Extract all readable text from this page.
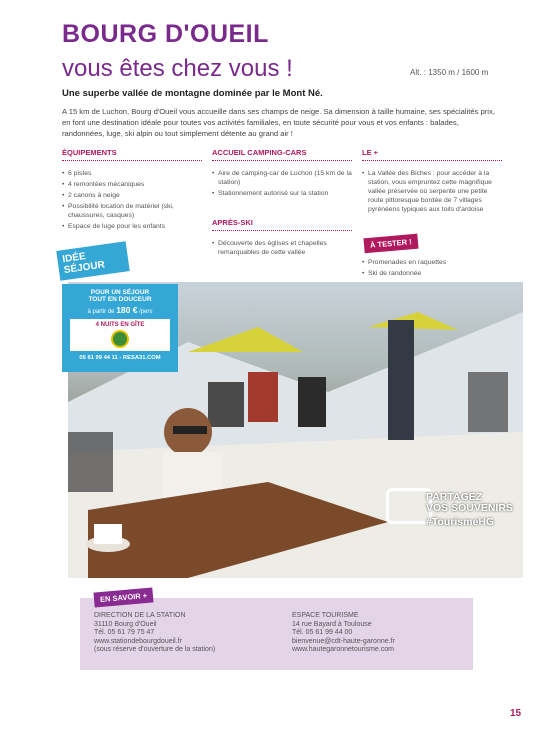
BOURG D'OUEIL
vous êtes chez vous !	Alt. : 1350 m / 1600 m
Une superbe vallée de montagne dominée par le Mont Né.
A 15 km de Luchon, Bourg d'Oueil vous accueille dans ses champs de neige. Sa dimension à taille humaine, ses spécialités prix, en font une destination idéale pour toutes vos activités familiales, en toute sécurité pour vous et vos enfants : balades, randonnées, luge, ski alpin ou tout simplement détente au grand air !
ÉQUIPEMENTS
• 6 pistes
• 4 remontées mécaniques
• 2 canons à neige
• Possibilité location de matériel (ski, chaussures, casques)
• Espace de luge pour les enfants
ACCUEIL CAMPING-CARS
• Aire de camping-car de Luchon (15 km de la station)
• Stationnement autorisé sur la station
APRÈS-SKI
• Découverte des églises et chapelles remarquables de cette vallée
LE +
• La Vallée des Biches : pour accéder à la station, vous empruntez cette magnifique vallée préservée où serpente une petite route pittoresque bordée de 7 villages pyrénéens typiques aux toits d'ardoise
À TESTER !
• Promenades en raquettes
• Ski de randonnée
PARTAGEZ
VOS SOUVENIRS
#TourismeHG
IDÉE SÉJOUR
POUR UN SÉJOUR
TOUT EN DOUCEUR
à partir de 180 € /pers
4 NUITS EN GÎTE
05 61 99 44 11 - RESA31.COM
DIRECTION DE LA STATION
31110 Bourg d'Oueil
Tél. 05 61 79 75 47
www.stationdebourgdoueil.fr
(sous réserve d'ouverture de la station)
ESPACE TOURISME
14 rue Bayard à Toulouse
Tél. 05 61 99 44 00
bienvenue@cdt-haute-garonne.fr
www.hautegaronnetourisme.com
EN SAVOIR +
15
